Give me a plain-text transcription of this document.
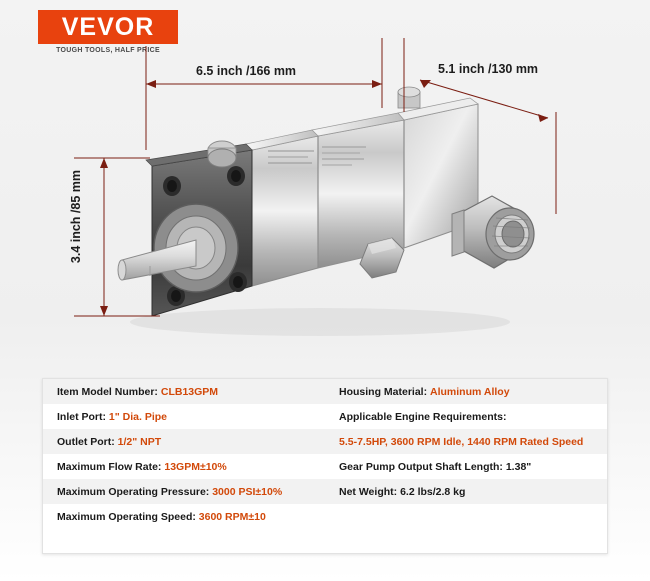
VEVOR
TOUGH TOOLS, HALF PRICE
6.5 inch /166 mm	5.1 inch /130 mm
3.4 inch /85 mm
Item Model Number: CLB13GPM	Housing Material: Aluminum Alloy
Inlet Port: 1" Dia. Pipe	Applicable Engine Requirements:
Outlet Port: 1/2" NPT	5.5-7.5HP, 3600 RPM Idle, 1440 RPM Rated Speed
Maximum Flow Rate: 13GPM±10%	Gear Pump Output Shaft Length: 1.38"
Maximum Operating Pressure: 3000 PSI±10%	Net Weight: 6.2 lbs/2.8 kg
Maximum Operating Speed: 3600 RPM±10	
